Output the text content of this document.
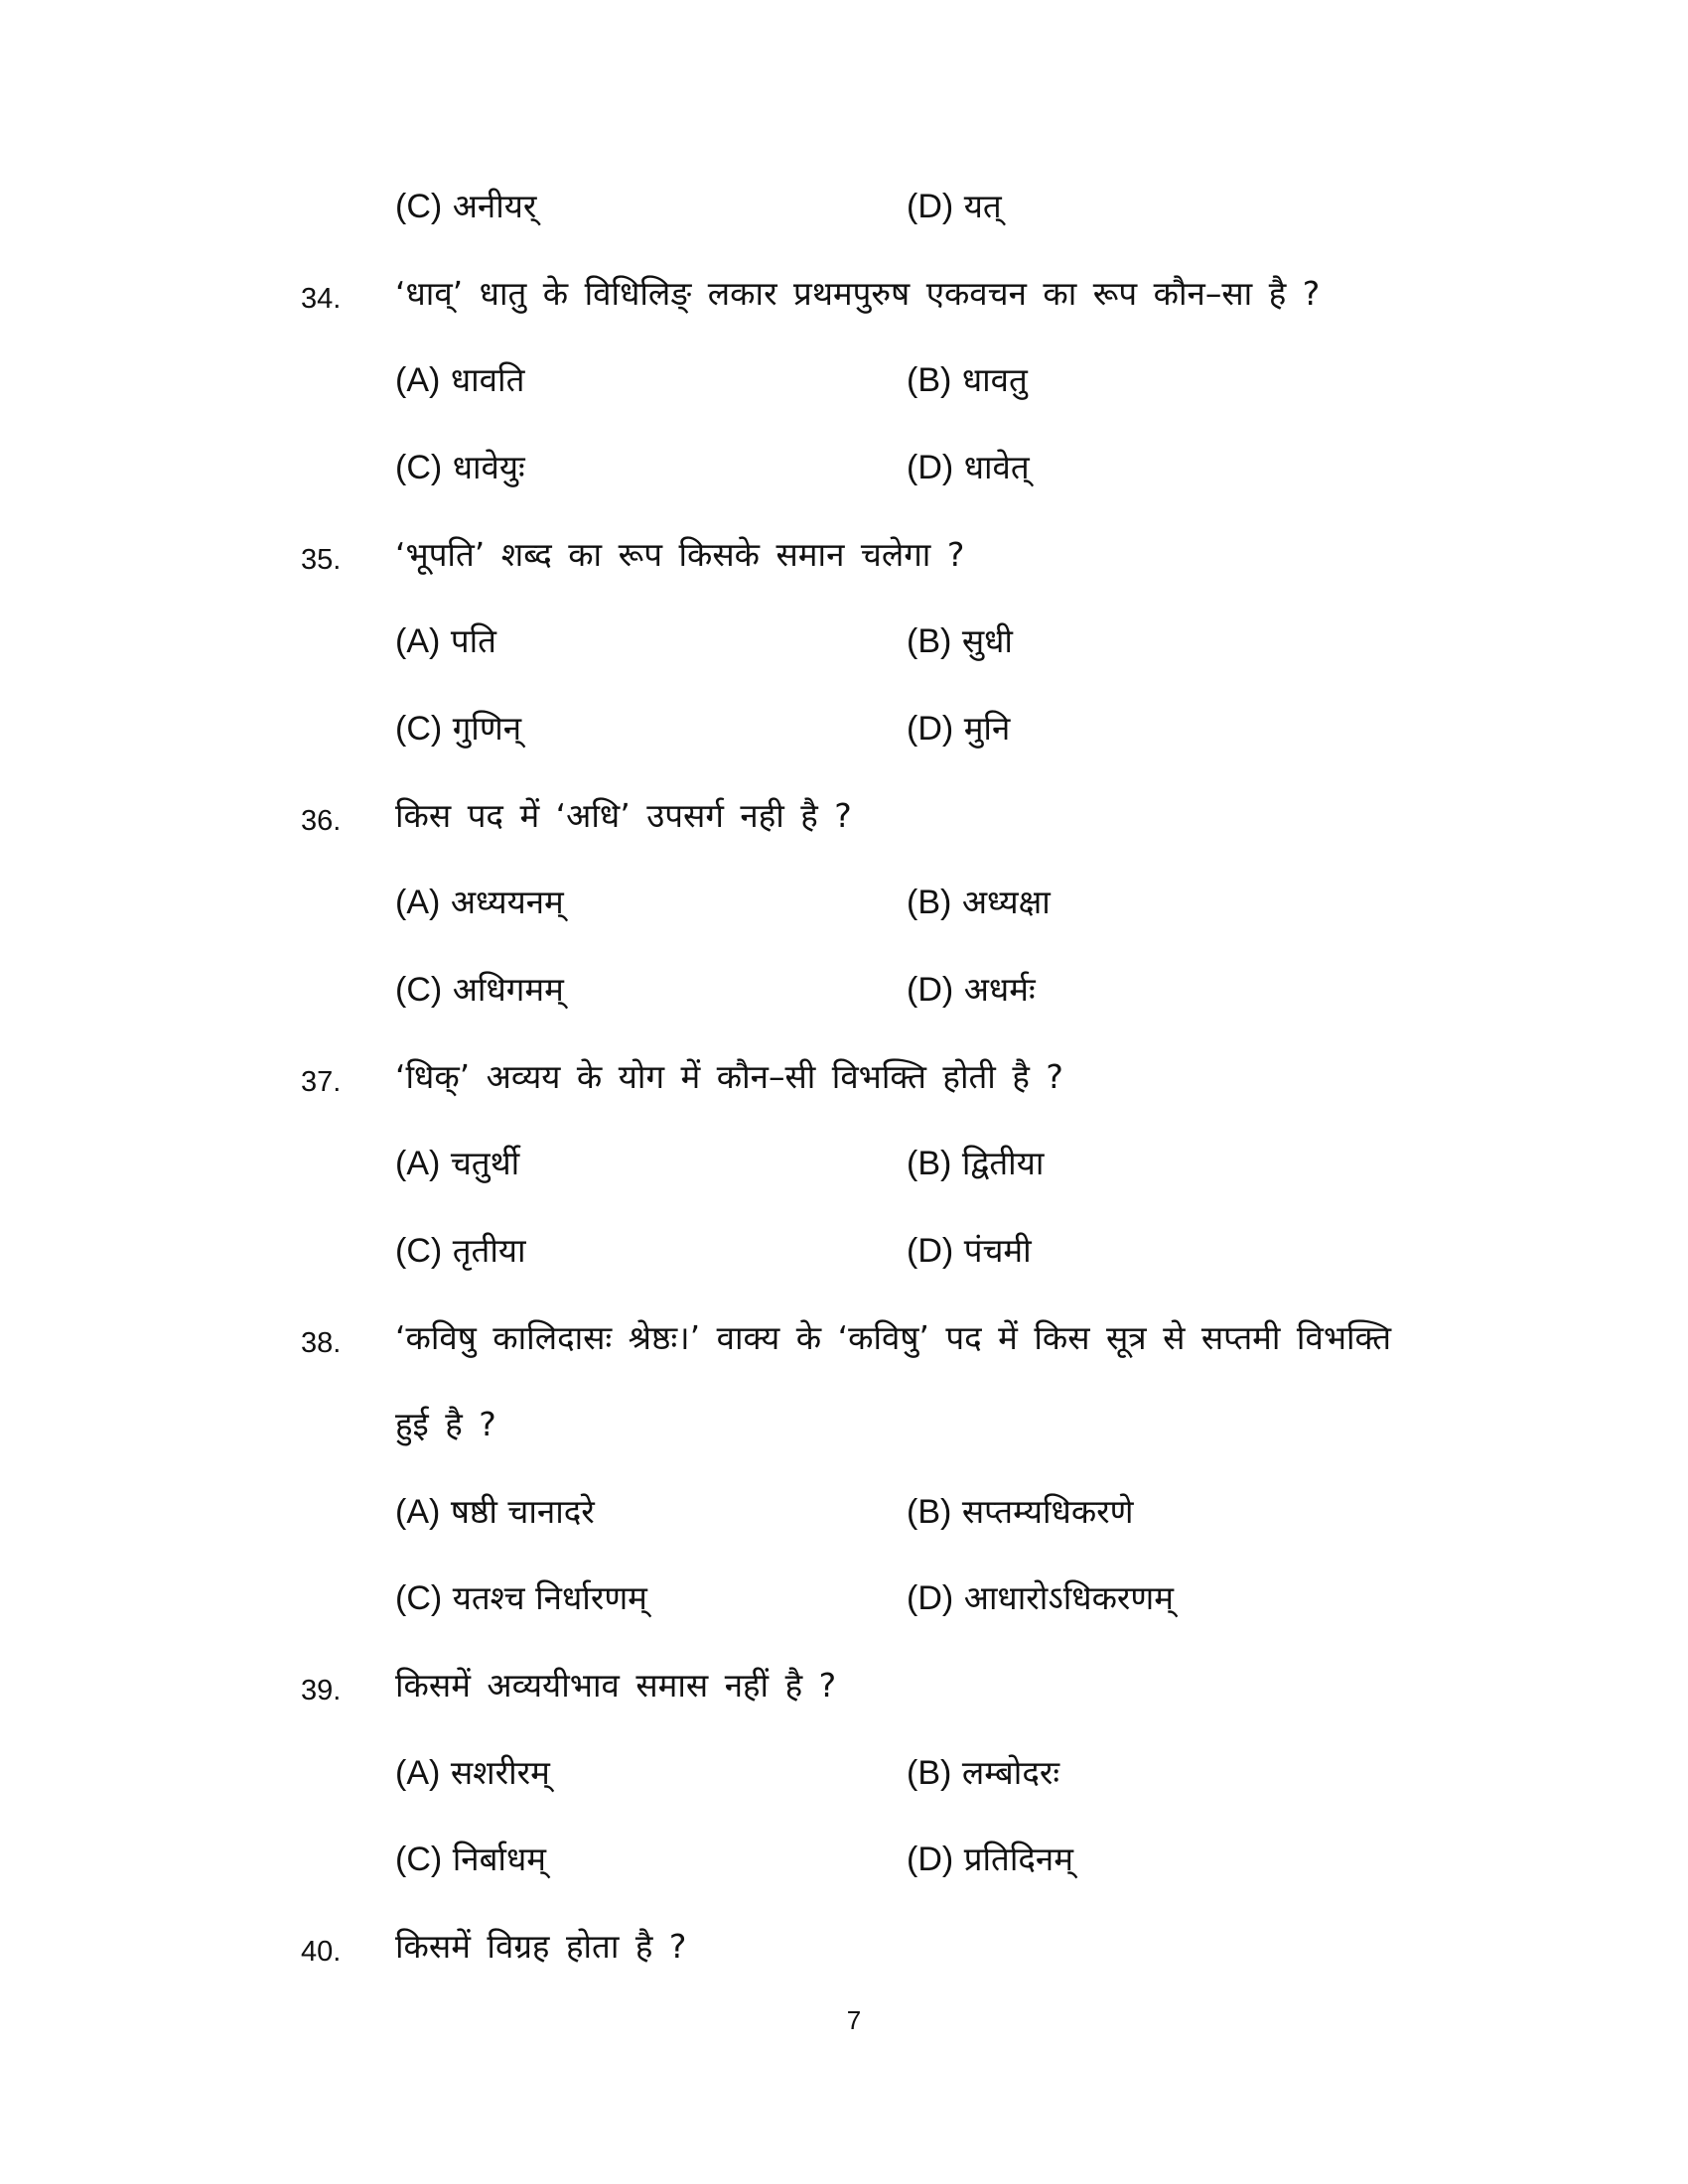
(C) अनीयर्	(D) यत्
34. ‘धाव्’ धातु के विधिलिङ् लकार प्रथमपुरुष एकवचन का रूप कौन–सा है ?
(A) धावति	(B) धावतु
(C) धावेयुः	(D) धावेत्
35. ‘भूपति’ शब्द का रूप किसके समान चलेगा ?
(A) पति	(B) सुधी
(C) गुणिन्	(D) मुनि
36. किस पद में ‘अधि’ उपसर्ग नही है ?
(A) अध्ययनम्	(B) अध्यक्षा
(C) अधिगमम्	(D) अधर्मः
37. ‘धिक्’ अव्यय के योग में कौन–सी विभक्ति होती है ?
(A) चतुर्थी	(B) द्वितीया
(C) तृतीया	(D) पंचमी
38. ‘कविषु कालिदासः श्रेष्ठः।’ वाक्य के ‘कविषु’ पद में किस सूत्र से सप्तमी विभक्ति
हुई है ?
(A) षष्ठी चानादरे	(B) सप्तम्यधिकरणे
(C) यतश्च निर्धारणम्	(D) आधारोऽधिकरणम्
39. किसमें अव्ययीभाव समास नहीं है ?
(A) सशरीरम्	(B) लम्बोदरः
(C) निर्बाधम्	(D) प्रतिदिनम्
40. किसमें विग्रह होता है ?
7
